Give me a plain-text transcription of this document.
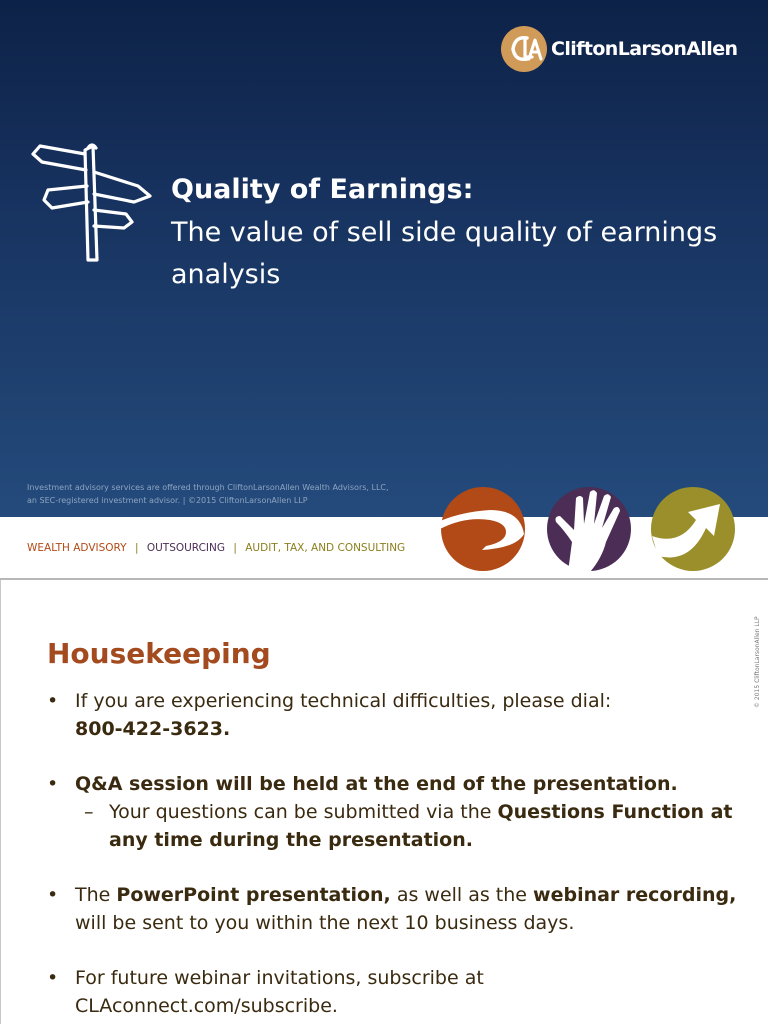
CliftonLarsonAllen
Quality of Earnings:
The value of sell side quality of earnings analysis
Investment advisory services are offered through CliftonLarsonAllen Wealth Advisors, LLC,
an SEC-registered investment advisor. | ©2015 CliftonLarsonAllen LLP
WEALTH ADVISORY | OUTSOURCING | AUDIT, TAX, AND CONSULTING
© 2015 CliftonLarsonAllen LLP
Housekeeping
• If you are experiencing technical difficulties, please dial:
800-422-3623.
• Q&A session will be held at the end of the presentation.
– Your questions can be submitted via the Questions Function at any time during the presentation.
• The PowerPoint presentation, as well as the webinar recording, will be sent to you within the next 10 business days.
• For future webinar invitations, subscribe at CLAconnect.com/subscribe.
